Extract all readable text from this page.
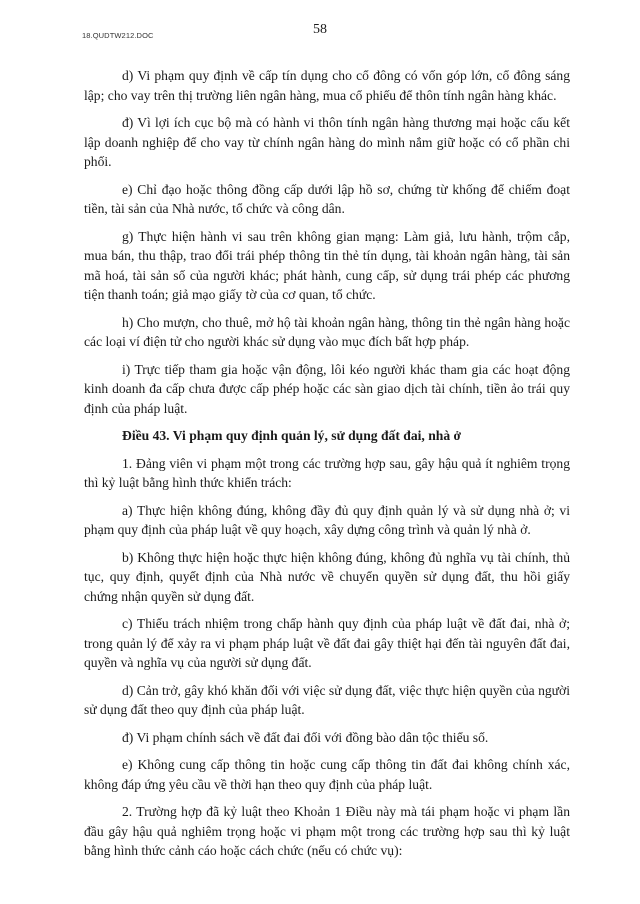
18.QUDTW212.DOC	58

d) Vi phạm quy định về cấp tín dụng cho cổ đông có vốn góp lớn, cổ đông sáng lập; cho vay trên thị trường liên ngân hàng, mua cổ phiếu để thôn tính ngân hàng khác.

đ) Vì lợi ích cục bộ mà có hành vi thôn tính ngân hàng thương mại hoặc cấu kết lập doanh nghiệp để cho vay từ chính ngân hàng do mình nắm giữ hoặc có cổ phần chi phối.

e) Chỉ đạo hoặc thông đồng cấp dưới lập hồ sơ, chứng từ khống để chiếm đoạt tiền, tài sản của Nhà nước, tổ chức và công dân.

g) Thực hiện hành vi sau trên không gian mạng: Làm giả, lưu hành, trộm cắp, mua bán, thu thập, trao đổi trái phép thông tin thẻ tín dụng, tài khoản ngân hàng, tài sản mã hoá, tài sản số của người khác; phát hành, cung cấp, sử dụng trái phép các phương tiện thanh toán; giả mạo giấy tờ của cơ quan, tổ chức.

h) Cho mượn, cho thuê, mở hộ tài khoản ngân hàng, thông tin thẻ ngân hàng hoặc các loại ví điện tử cho người khác sử dụng vào mục đích bất hợp pháp.

i) Trực tiếp tham gia hoặc vận động, lôi kéo người khác tham gia các hoạt động kinh doanh đa cấp chưa được cấp phép hoặc các sàn giao dịch tài chính, tiền ảo trái quy định của pháp luật.

Điều 43. Vi phạm quy định quản lý, sử dụng đất đai, nhà ở

1. Đảng viên vi phạm một trong các trường hợp sau, gây hậu quả ít nghiêm trọng thì kỷ luật bằng hình thức khiển trách:

a) Thực hiện không đúng, không đầy đủ quy định quản lý và sử dụng nhà ở; vi phạm quy định của pháp luật về quy hoạch, xây dựng công trình và quản lý nhà ở.

b) Không thực hiện hoặc thực hiện không đúng, không đủ nghĩa vụ tài chính, thủ tục, quy định, quyết định của Nhà nước về chuyển quyền sử dụng đất, thu hồi giấy chứng nhận quyền sử dụng đất.

c) Thiếu trách nhiệm trong chấp hành quy định của pháp luật về đất đai, nhà ở; trong quản lý để xảy ra vi phạm pháp luật về đất đai gây thiệt hại đến tài nguyên đất đai, quyền và nghĩa vụ của người sử dụng đất.

d) Cản trở, gây khó khăn đối với việc sử dụng đất, việc thực hiện quyền của người sử dụng đất theo quy định của pháp luật.

đ) Vi phạm chính sách về đất đai đối với đồng bào dân tộc thiểu số.

e) Không cung cấp thông tin hoặc cung cấp thông tin đất đai không chính xác, không đáp ứng yêu cầu về thời hạn theo quy định của pháp luật.

2. Trường hợp đã kỷ luật theo Khoản 1 Điều này mà tái phạm hoặc vi phạm lần đầu gây hậu quả nghiêm trọng hoặc vi phạm một trong các trường hợp sau thì kỷ luật bằng hình thức cảnh cáo hoặc cách chức (nếu có chức vụ):
